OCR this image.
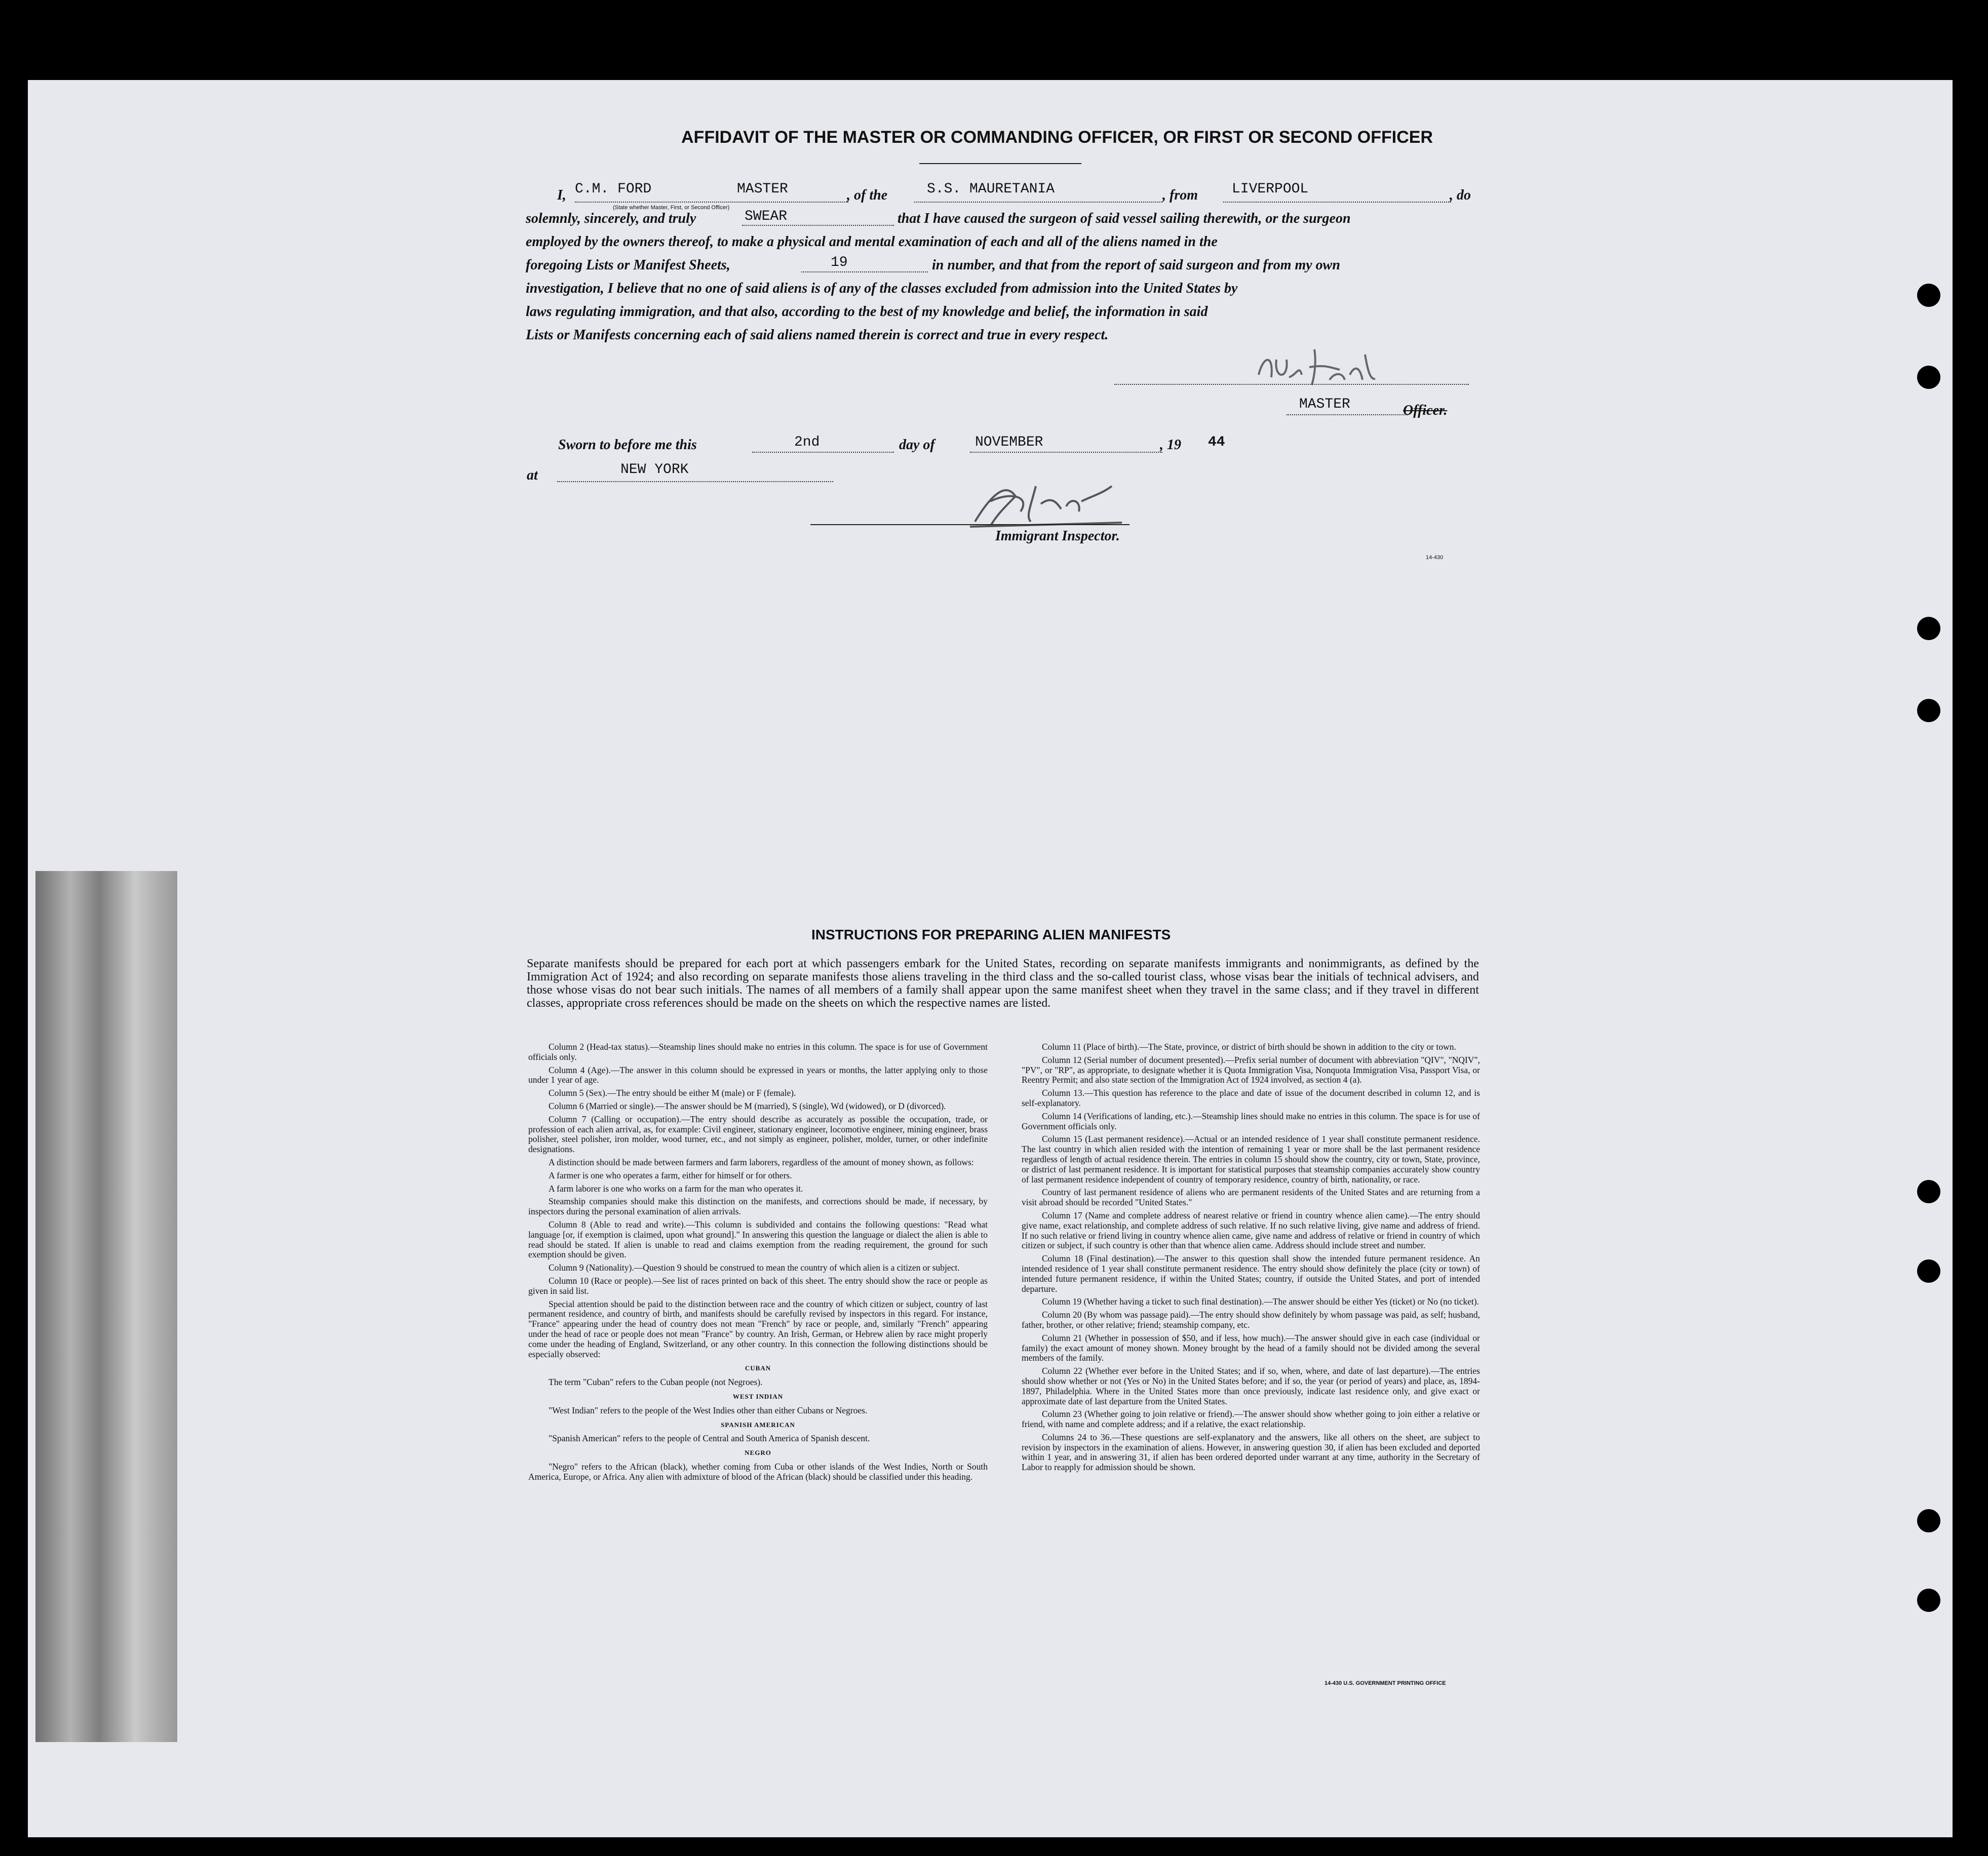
AFFIDAVIT OF THE MASTER OR COMMANDING OFFICER, OR FIRST OR SECOND OFFICER
I, C.M. FORD	MASTER
(State whether Master, First, or Second Officer)
, of the	S.S. MAURETANIA	, from LIVERPOOL	, do
solemnly, sincerely, and truly	SWEAR	that I have caused the surgeon of said vessel sailing therewith, or the surgeon
employed by the owners thereof, to make a physical and mental examination of each and all of the aliens named in the
foregoing Lists or Manifest Sheets,	19	in number, and that from the report of said surgeon and from my own
investigation, I believe that no one of said aliens is of any of the classes excluded from admission into the United States by
laws regulating immigration, and that also, according to the best of my knowledge and belief, the information in said
Lists or Manifests concerning each of said aliens named therein is correct and true in every respect.
MASTER	Officer.
Sworn to before me this	2nd	day of	NOVEMBER	, 19 44
at	NEW YORK
Immigrant Inspector.
14-430
INSTRUCTIONS FOR PREPARING ALIEN MANIFESTS
Separate manifests should be prepared for each port at which passengers embark for the United States, recording on separate manifests immigrants and nonimmigrants, as defined by the Immigration Act of 1924; and also recording on separate manifests those aliens traveling in the third class and the so-called tourist class, whose visas bear the initials of technical advisers, and those whose visas do not bear such initials. The names of all members of a family shall appear upon the same manifest sheet when they travel in the same class; and if they travel in different classes, appropriate cross references should be made on the sheets on which the respective names are listed.

Column 2 (Head-tax status).—Steamship lines should make no entries in this column. The space is for use of Government officials only.

Column 4 (Age).—The answer in this column should be expressed in years or months, the latter applying only to those under 1 year of age.

Column 5 (Sex).—The entry should be either M (male) or F (female).

Column 6 (Married or single).—The answer should be M (married), S (single), Wd (widowed), or D (divorced).

Column 7 (Calling or occupation).—The entry should describe as accurately as possible the occupation, trade, or profession of each alien arrival, as, for example: Civil engineer, stationary engineer, locomotive engineer, mining engineer, brass polisher, steel polisher, iron molder, wood turner, etc., and not simply as engineer, polisher, molder, turner, or other indefinite designations.

A distinction should be made between farmers and farm laborers, regardless of the amount of money shown, as follows:

A farmer is one who operates a farm, either for himself or for others.

A farm laborer is one who works on a farm for the man who operates it.

Steamship companies should make this distinction on the manifests, and corrections should be made, if necessary, by inspectors during the personal examination of alien arrivals.

Column 8 (Able to read and write).—This column is subdivided and contains the following questions: "Read what language [or, if exemption is claimed, upon what ground]." In answering this question the language or dialect the alien is able to read should be stated. If alien is unable to read and claims exemption from the reading requirement, the ground for such exemption should be given.

Column 9 (Nationality).—Question 9 should be construed to mean the country of which alien is a citizen or subject.

Column 10 (Race or people).—See list of races printed on back of this sheet. The entry should show the race or people as given in said list.

Special attention should be paid to the distinction between race and the country of which citizen or subject, country of last permanent residence, and country of birth, and manifests should be carefully revised by inspectors in this regard. For instance, "France" appearing under the head of country does not mean "French" by race or people, and, similarly "French" appearing under the head of race or people does not mean "France" by country. An Irish, German, or Hebrew alien by race might properly come under the heading of England, Switzerland, or any other country. In this connection the following distinctions should be especially observed:

CUBAN

The term "Cuban" refers to the Cuban people (not Negroes).

WEST INDIAN

"West Indian" refers to the people of the West Indies other than either Cubans or Negroes.

SPANISH AMERICAN

"Spanish American" refers to the people of Central and South America of Spanish descent.

NEGRO

"Negro" refers to the African (black), whether coming from Cuba or other islands of the West Indies, North or South America, Europe, or Africa. Any alien with admixture of blood of the African (black) should be classified under this heading.

Column 11 (Place of birth).—The State, province, or district of birth should be shown in addition to the city or town.

Column 12 (Serial number of document presented).—Prefix serial number of document with abbreviation "QIV", "NQIV", "PV", or "RP", as appropriate, to designate whether it is Quota Immigration Visa, Nonquota Immigration Visa, Passport Visa, or Reentry Permit; and also state section of the Immigration Act of 1924 involved, as section 4 (a).

Column 13.—This question has reference to the place and date of issue of the document described in column 12, and is self-explanatory.

Column 14 (Verifications of landing, etc.).—Steamship lines should make no entries in this column. The space is for use of Government officials only.

Column 15 (Last permanent residence).—Actual or an intended residence of 1 year shall constitute permanent residence. The last country in which alien resided with the intention of remaining 1 year or more shall be the last permanent residence regardless of length of actual residence therein. The entries in column 15 should show the country, city or town, State, province, or district of last permanent residence. It is important for statistical purposes that steamship companies accurately show country of last permanent residence independent of country of temporary residence, country of birth, nationality, or race.

Country of last permanent residence of aliens who are permanent residents of the United States and are returning from a visit abroad should be recorded "United States."

Column 17 (Name and complete address of nearest relative or friend in country whence alien came).—The entry should give name, exact relationship, and complete address of such relative. If no such relative living, give name and address of friend. If no such relative or friend living in country whence alien came, give name and address of relative or friend in country of which citizen or subject, if such country is other than that whence alien came. Address should include street and number.

Column 18 (Final destination).—The answer to this question shall show the intended future permanent residence. An intended residence of 1 year shall constitute permanent residence. The entry should show definitely the place (city or town) of intended future permanent residence, if within the United States; country, if outside the United States, and port of intended departure.

Column 19 (Whether having a ticket to such final destination).—The answer should be either Yes (ticket) or No (no ticket).

Column 20 (By whom was passage paid).—The entry should show definitely by whom passage was paid, as self; husband, father, brother, or other relative; friend; steamship company, etc.

Column 21 (Whether in possession of $50, and if less, how much).—The answer should give in each case (individual or family) the exact amount of money shown. Money brought by the head of a family should not be divided among the several members of the family.

Column 22 (Whether ever before in the United States; and if so, when, where, and date of last departure).—The entries should show whether or not (Yes or No) in the United States before; and if so, the year (or period of years) and place, as, 1894-1897, Philadelphia. Where in the United States more than once previously, indicate last residence only, and give exact or approximate date of last departure from the United States.

Column 23 (Whether going to join relative or friend).—The answer should show whether going to join either a relative or friend, with name and complete address; and if a relative, the exact relationship.

Columns 24 to 36.—These questions are self-explanatory and the answers, like all others on the sheet, are subject to revision by inspectors in the examination of aliens. However, in answering question 30, if alien has been excluded and deported within 1 year, and in answering 31, if alien has been ordered deported under warrant at any time, authority in the Secretary of Labor to reapply for admission should be shown.

14-430 U.S. GOVERNMENT PRINTING OFFICE
